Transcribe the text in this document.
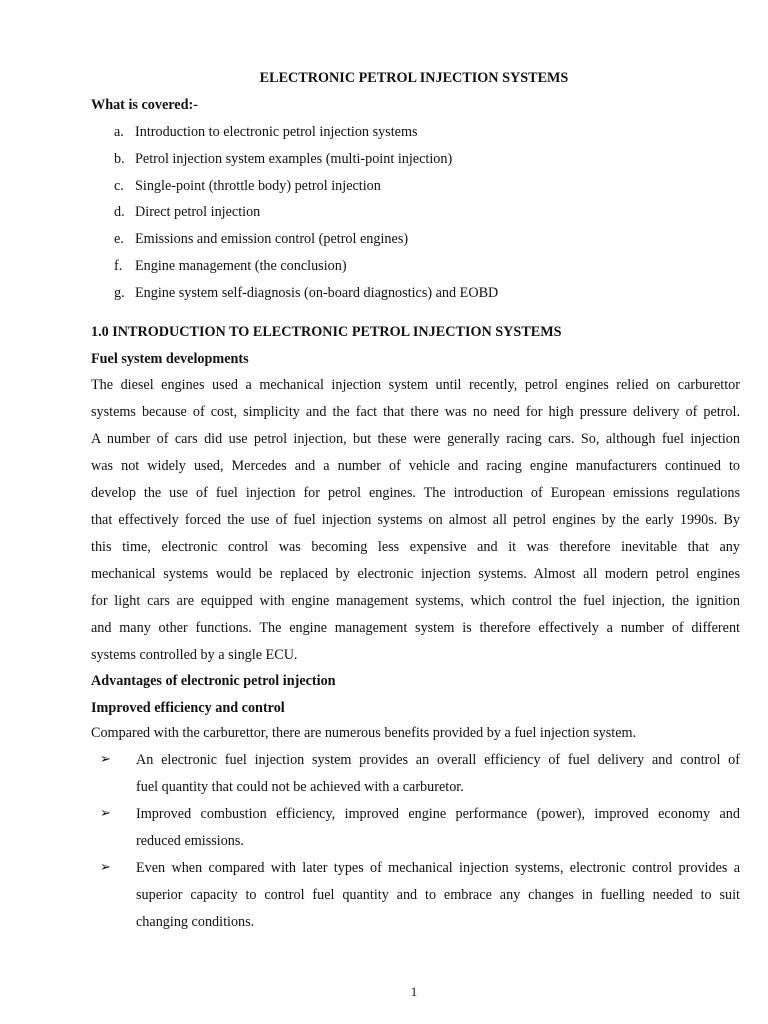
ELECTRONIC PETROL INJECTION SYSTEMS
What is covered:-
a. Introduction to electronic petrol injection systems
b. Petrol injection system examples (multi-point injection)
c. Single-point (throttle body) petrol injection
d. Direct petrol injection
e. Emissions and emission control (petrol engines)
f. Engine management (the conclusion)
g. Engine system self-diagnosis (on-board diagnostics) and EOBD
1.0 INTRODUCTION TO ELECTRONIC PETROL INJECTION SYSTEMS
Fuel system developments
The diesel engines used a mechanical injection system until recently, petrol engines relied on carburettor
systems because of cost, simplicity and the fact that there was no need for high pressure delivery of petrol.
A number of cars did use petrol injection, but these were generally racing cars. So, although fuel injection
was not widely used, Mercedes and a number of vehicle and racing engine manufacturers continued to
develop the use of fuel injection for petrol engines. The introduction of European emissions regulations
that effectively forced the use of fuel injection systems on almost all petrol engines by the early 1990s. By
this time, electronic control was becoming less expensive and it was therefore inevitable that any
mechanical systems would be replaced by electronic injection systems. Almost all modern petrol engines
for light cars are equipped with engine management systems, which control the fuel injection, the ignition
and many other functions. The engine management system is therefore effectively a number of different
systems controlled by a single ECU.
Advantages of electronic petrol injection
Improved efficiency and control
Compared with the carburettor, there are numerous benefits provided by a fuel injection system.
➢ An electronic fuel injection system provides an overall efficiency of fuel delivery and control of
fuel quantity that could not be achieved with a carburetor.
➢ Improved combustion efficiency, improved engine performance (power), improved economy and
reduced emissions.
➢ Even when compared with later types of mechanical injection systems, electronic control provides a
superior capacity to control fuel quantity and to embrace any changes in fuelling needed to suit
changing conditions.
1
